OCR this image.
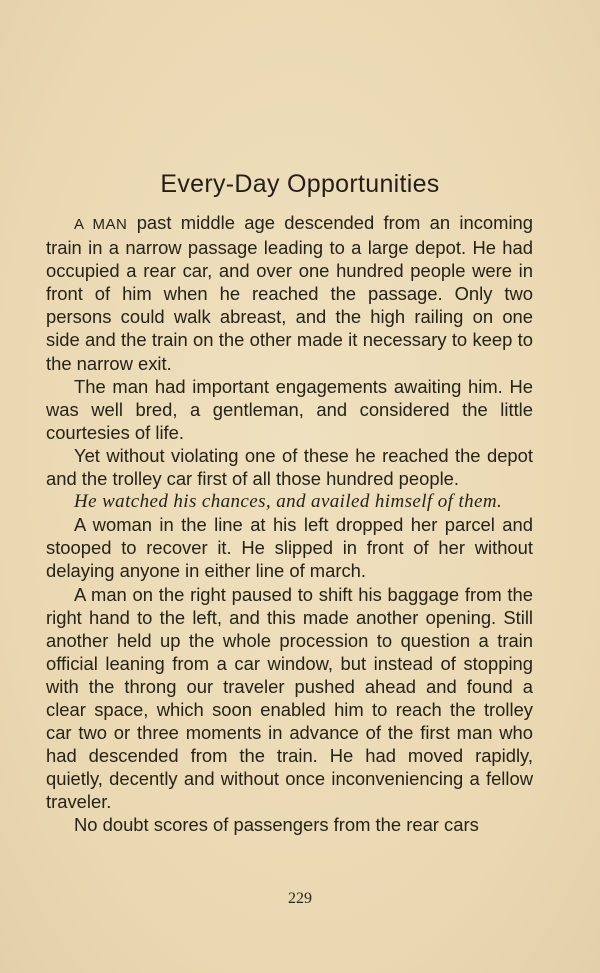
Every-Day Opportunities

A MAN past middle age descended from an incoming train in a narrow passage leading to a large depot. He had occupied a rear car, and over one hundred people were in front of him when he reached the passage. Only two persons could walk abreast, and the high railing on one side and the train on the other made it necessary to keep to the narrow exit.

The man had important engagements awaiting him. He was well bred, a gentleman, and considered the little courtesies of life.

Yet without violating one of these he reached the depot and the trolley car first of all those hundred people.

He watched his chances, and availed himself of them.

A woman in the line at his left dropped her parcel and stooped to recover it. He slipped in front of her without delaying anyone in either line of march.

A man on the right paused to shift his baggage from the right hand to the left, and this made another opening. Still another held up the whole procession to question a train official leaning from a car window, but instead of stopping with the throng our traveler pushed ahead and found a clear space, which soon enabled him to reach the trolley car two or three moments in advance of the first man who had descended from the train. He had moved rapidly, quietly, decently and without once inconveniencing a fellow traveler.

No doubt scores of passengers from the rear cars

229
